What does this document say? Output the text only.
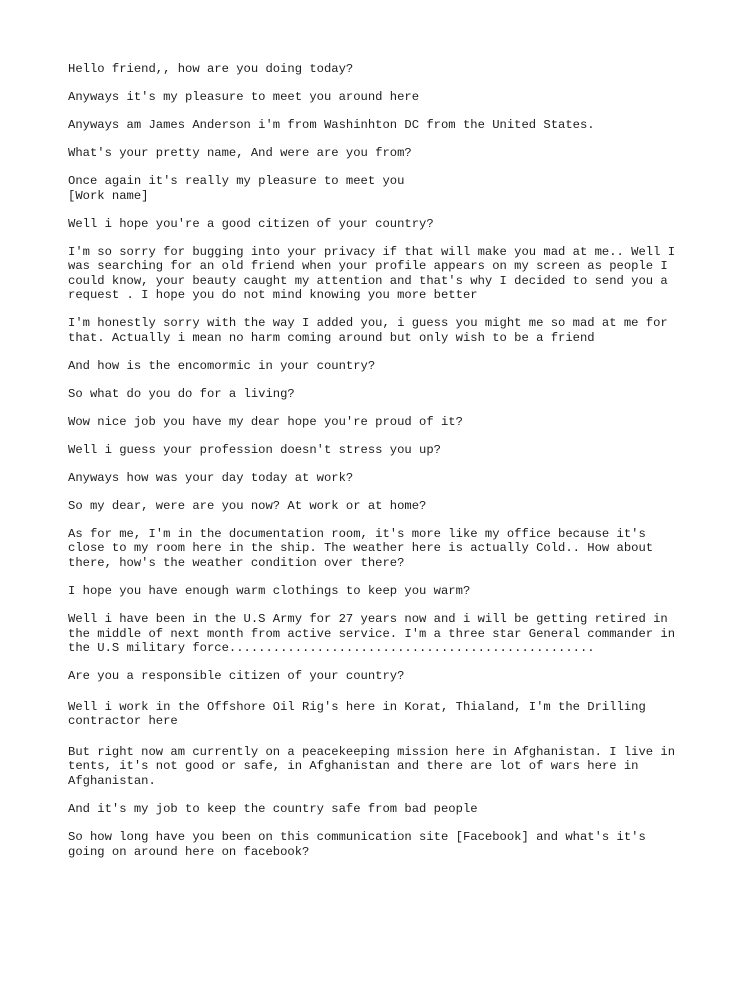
Hello friend,, how are you doing today?

Anyways it's my pleasure to meet you around here

Anyways am James Anderson i'm from Washinhton DC from the United States.

What's your pretty name, And were are you from?

Once again it's really my pleasure to meet you
[Work name]

Well i hope you're a good citizen of your country?

I'm so sorry for bugging into your privacy if that will make you mad at me.. Well I
was searching for an old friend when your profile appears on my screen as people I
could know, your beauty caught my attention and that's why I decided to send you a
request . I hope you do not mind knowing you more better

I'm honestly sorry with the way I added you, i guess you might me so mad at me for
that. Actually i mean no harm coming around but only wish to be a friend

And how is the encomormic in your country?

So what do you do for a living?

Wow nice job you have my dear hope you're proud of it?

Well i guess your profession doesn't stress you up?

Anyways how was your day today at work?

So my dear, were are you now? At work or at home?

As for me, I'm in the documentation room, it's more like my office because it's
close to my room here in the ship. The weather here is actually Cold.. How about
there, how's the weather condition over there?

I hope you have enough warm clothings to keep you warm?

Well i have been in the U.S Army for 27 years now and i will be getting retired in
the middle of next month from active service. I'm a three star General commander in
the U.S military force..................................................

Are you a responsible citizen of your country?

Well i work in the Offshore Oil Rig's here in Korat, Thialand, I'm the Drilling
contractor here

But right now am currently on a peacekeeping mission here in Afghanistan. I live in
tents, it's not good or safe, in Afghanistan and there are lot of wars here in
Afghanistan.

And it's my job to keep the country safe from bad people

So how long have you been on this communication site [Facebook] and what's it's
going on around here on facebook?
